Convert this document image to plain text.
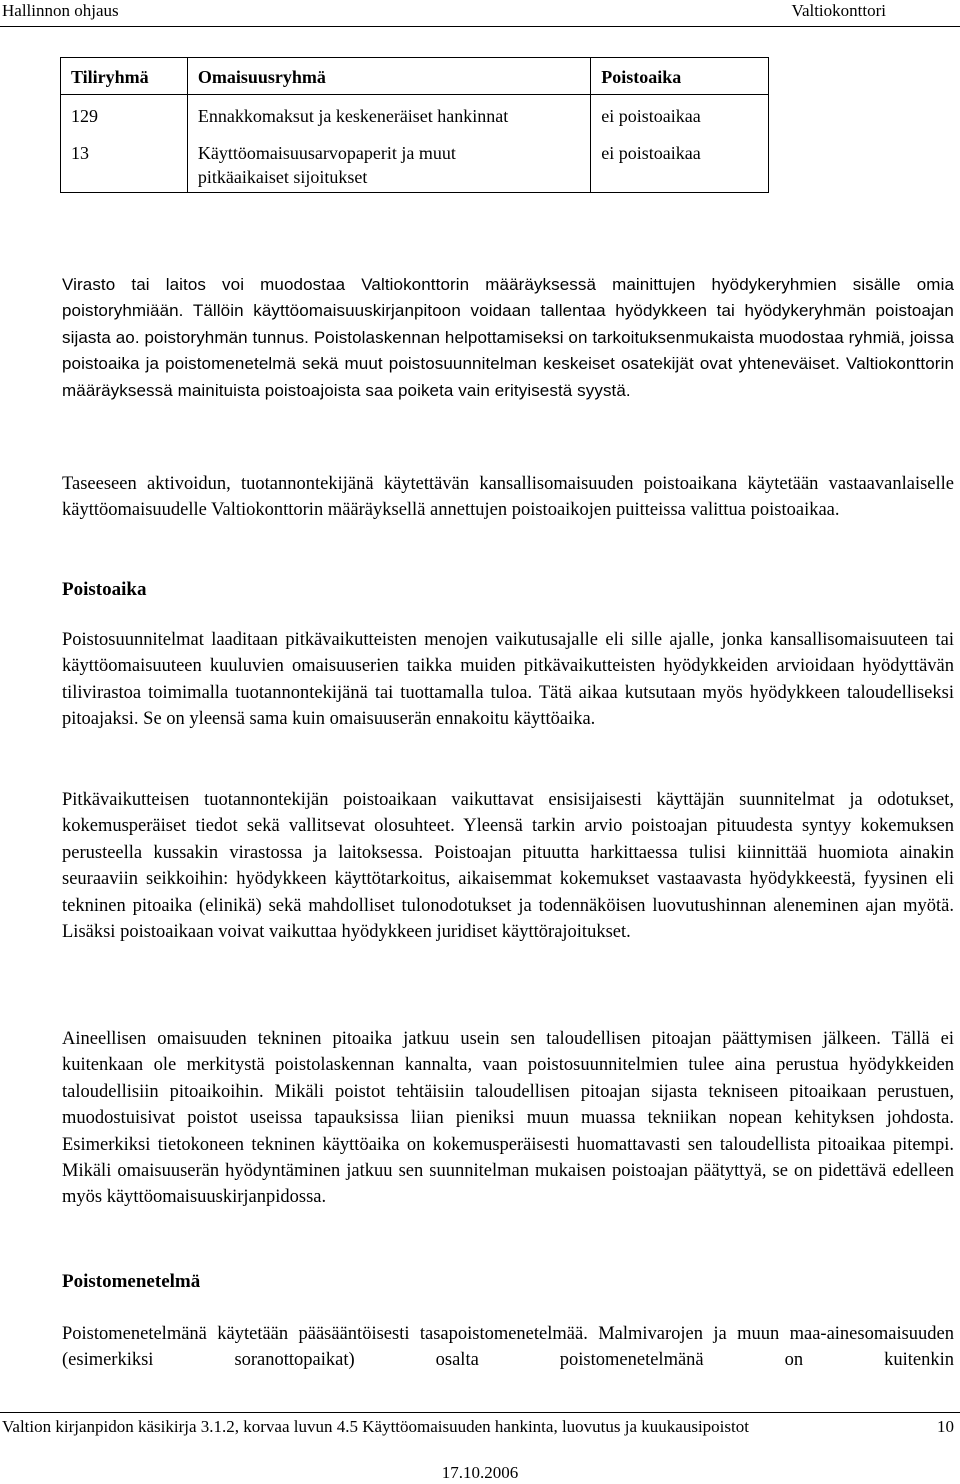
Hallinnon ohjaus	Valtiokonttori
Tiliryhmä	Omaisuusryhmä	Poistoaika
129	Ennakkomaksut ja keskeneräiset hankinnat	ei poistoaikaa
13	Käyttöomaisuusarvopaperit ja muut pitkäaikaiset sijoitukset	ei poistoaikaa

Virasto tai laitos voi muodostaa Valtiokonttorin määräyksessä mainittujen hyödykeryhmien sisälle omia poistoryhmiään. Tällöin käyttöomaisuuskirjanpitoon voidaan tallentaa hyödykkeen tai hyödykeryhmän poistoajan sijasta ao. poistoryhmän tunnus. Poistolaskennan helpottamiseksi on tarkoituksenmukaista muodostaa ryhmiä, joissa poistoaika ja poistomenetelmä sekä muut poistosuunnitelman keskeiset osatekijät ovat yhteneväiset. Valtiokonttorin määräyksessä mainituista poistoajoista saa poiketa vain erityisestä syystä.

Taseeseen aktivoidun, tuotannontekijänä käytettävän kansallisomaisuuden poistoaikana käytetään vastaavanlaiselle käyttöomaisuudelle Valtiokonttorin määräyksellä annettujen poistoaikojen puitteissa valittua poistoaikaa.

Poistoaika

Poistosuunnitelmat laaditaan pitkävaikutteisten menojen vaikutusajalle eli sille ajalle, jonka kansallisomaisuuteen tai käyttöomaisuuteen kuuluvien omaisuuserien taikka muiden pitkävaikutteisten hyödykkeiden arvioidaan hyödyttävän tilivirastoa toimimalla tuotannontekijänä tai tuottamalla tuloa. Tätä aikaa kutsutaan myös hyödykkeen taloudelliseksi pitoajaksi. Se on yleensä sama kuin omaisuuserän ennakoitu käyttöaika.

Pitkävaikutteisen tuotannontekijän poistoaikaan vaikuttavat ensisijaisesti käyttäjän suunnitelmat ja odotukset, kokemusperäiset tiedot sekä vallitsevat olosuhteet. Yleensä tarkin arvio poistoajan pituudesta syntyy kokemuksen perusteella kussakin virastossa ja laitoksessa. Poistoajan pituutta harkittaessa tulisi kiinnittää huomiota ainakin seuraaviin seikkoihin: hyödykkeen käyttötarkoitus, aikaisemmat kokemukset vastaavasta hyödykkeestä, fyysinen eli tekninen pitoaika (elinikä) sekä mahdolliset tulonodotukset ja todennäköisen luovutushinnan aleneminen ajan myötä. Lisäksi poistoaikaan voivat vaikuttaa hyödykkeen juridiset käyttörajoitukset.

Aineellisen omaisuuden tekninen pitoaika jatkuu usein sen taloudellisen pitoajan päättymisen jälkeen. Tällä ei kuitenkaan ole merkitystä poistolaskennan kannalta, vaan poistosuunnitelmien tulee aina perustua hyödykkeiden taloudellisiin pitoaikoihin. Mikäli poistot tehtäisiin taloudellisen pitoajan sijasta tekniseen pitoaikaan perustuen, muodostuisivat poistot useissa tapauksissa liian pieniksi muun muassa tekniikan nopean kehityksen johdosta. Esimerkiksi tietokoneen tekninen käyttöaika on kokemusperäisesti huomattavasti sen taloudellista pitoaikaa pitempi. Mikäli omaisuuserän hyödyntäminen jatkuu sen suunnitelman mukaisen poistoajan päätyttyä, se on pidettävä edelleen myös käyttöomaisuuskirjanpidossa.

Poistomenetelmä

Poistomenetelmänä käytetään pääsääntöisesti tasapoistomenetelmää. Malmivarojen ja muun maa-ainesomaisuuden (esimerkiksi soranottopaikat) osalta poistomenetelmänä on kuitenkin

Valtion kirjanpidon käsikirja 3.1.2, korvaa luvun 4.5 Käyttöomaisuuden hankinta, luovutus ja kuukausipoistot	10
17.10.2006
